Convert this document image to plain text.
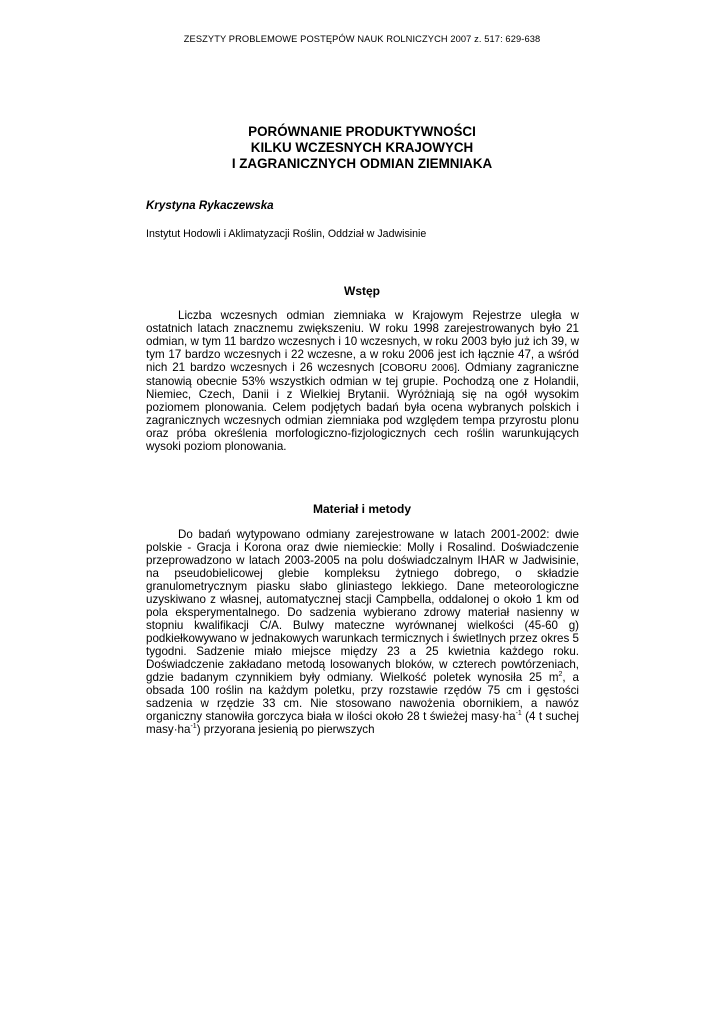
ZESZYTY PROBLEMOWE POSTĘPÓW NAUK ROLNICZYCH 2007 z. 517: 629-638
PORÓWNANIE PRODUKTYWNOŚCI
KILKU WCZESNYCH KRAJOWYCH
I ZAGRANICZNYCH ODMIAN ZIEMNIAKA
Krystyna Rykaczewska
Instytut Hodowli i Aklimatyzacji Roślin, Oddział w Jadwisinie
Wstęp

Liczba wczesnych odmian ziemniaka w Krajowym Rejestrze uległa w ostatnich latach znacznemu zwiększeniu. W roku 1998 zarejestrowanych było 21 odmian, w tym 11 bardzo wczesnych i 10 wczesnych, w roku 2003 było już ich 39, w tym 17 bardzo wczesnych i 22 wczesne, a w roku 2006 jest ich łącznie 47, a wśród nich 21 bardzo wczesnych i 26 wczesnych [COBORU 2006]. Odmiany zagraniczne stanowią obecnie 53% wszystkich odmian w tej grupie. Pochodzą one z Holandii, Niemiec, Czech, Danii i z Wielkiej Brytanii. Wyróżniają się na ogół wysokim poziomem plonowania. Celem podjętych badań była ocena wybranych polskich i zagranicznych wczesnych odmian ziemniaka pod względem tempa przyrostu plonu oraz próba określenia morfologiczno-fizjologicznych cech roślin warunkujących wysoki poziom plonowania.

Materiał i metody

Do badań wytypowano odmiany zarejestrowane w latach 2001-2002: dwie polskie - Gracja i Korona oraz dwie niemieckie: Molly i Rosalind. Doświadczenie przeprowadzono w latach 2003-2005 na polu doświadczalnym IHAR w Jadwisinie, na pseudobielicowej glebie kompleksu żytniego dobrego, o składzie granulometrycznym piasku słabo gliniastego lekkiego. Dane meteorologiczne uzyskiwano z własnej, automatycznej stacji Campbella, oddalonej o około 1 km od pola eksperymentalnego. Do sadzenia wybierano zdrowy materiał nasienny w stopniu kwalifikacji C/A. Bulwy mateczne wyrównanej wielkości (45-60 g) podkiełkowywano w jednakowych warunkach termicznych i świetlnych przez okres 5 tygodni. Sadzenie miało miejsce między 23 a 25 kwietnia każdego roku. Doświadczenie zakładano metodą losowanych bloków, w czterech powtórzeniach, gdzie badanym czynnikiem były odmiany. Wielkość poletek wynosiła 25 $m^2$, a obsada 100 roślin na każdym poletku, przy rozstawie rzędów 75 cm i gęstości sadzenia w rzędzie 33 cm. Nie stosowano nawożenia obornikiem, a nawóz organiczny stanowiła gorczyca biała w ilości około 28 t świeżej $masy\cdot ha^{-1}$ (4 t suchej $masy\cdot ha^{-1}$) przyorana jesienią po pierwszych
